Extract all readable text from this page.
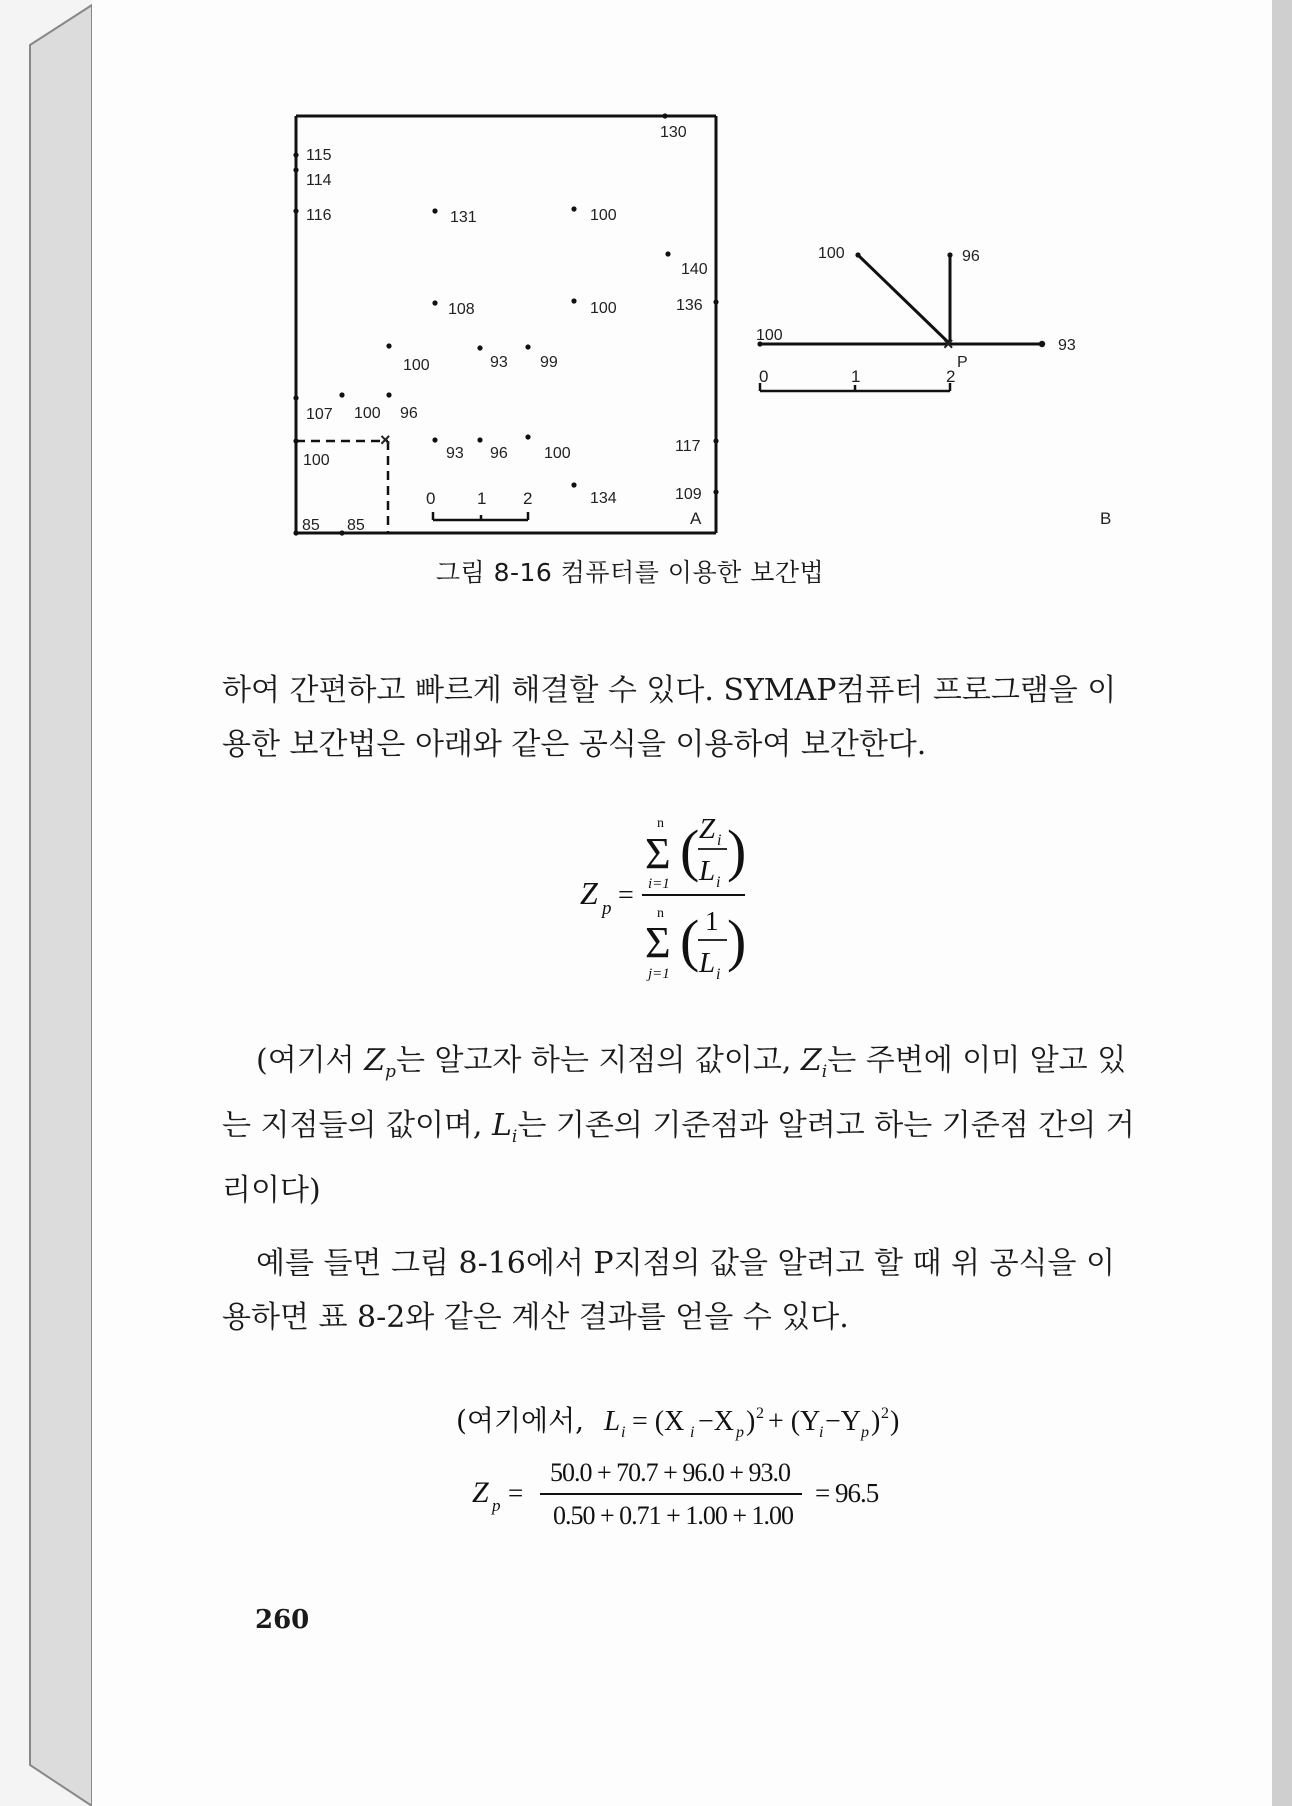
×
130
115
114
116	131	100
140
108	100	136
100	93 99
107 100 96
100	93 96 100	117
134	109
85 85	A
0 1 2
×
100	96
100
93
P
0	1	2
B
그림 8-16 컴퓨터를 이용한 보간법
하여 간편하고 빠르게 해결할 수 있다. SYMAP컴퓨터 프로그램을 이
용한 보간법은 아래와 같은 공식을 이용하여 보간한다.
Z p =
n
Σ
i=1
( )
Z i
L i
n
Σ
j=1
( )
1
L i
(여기서 $Z_p$는 알고자 하는 지점의 값이고, $Z_i$는 주변에 이미 알고 있
는 지점들의 값이며, $L_i$는 기존의 기준점과 알려고 하는 기준점 간의 거
리이다)
예를 들면 그림 8-16에서 P지점의 값을 알려고 할 때 위 공식을 이
용하면 표 8-2와 같은 계산 결과를 얻을 수 있다.
(여기에서, L i = (X i −X p ) 2 + (Y
i −Y p ) 2 )
Z p =
50.0 + 70.7 + 96.0 + 93.0
0.50 + 0.71 + 1.00 + 1.00
= 96.5
260
